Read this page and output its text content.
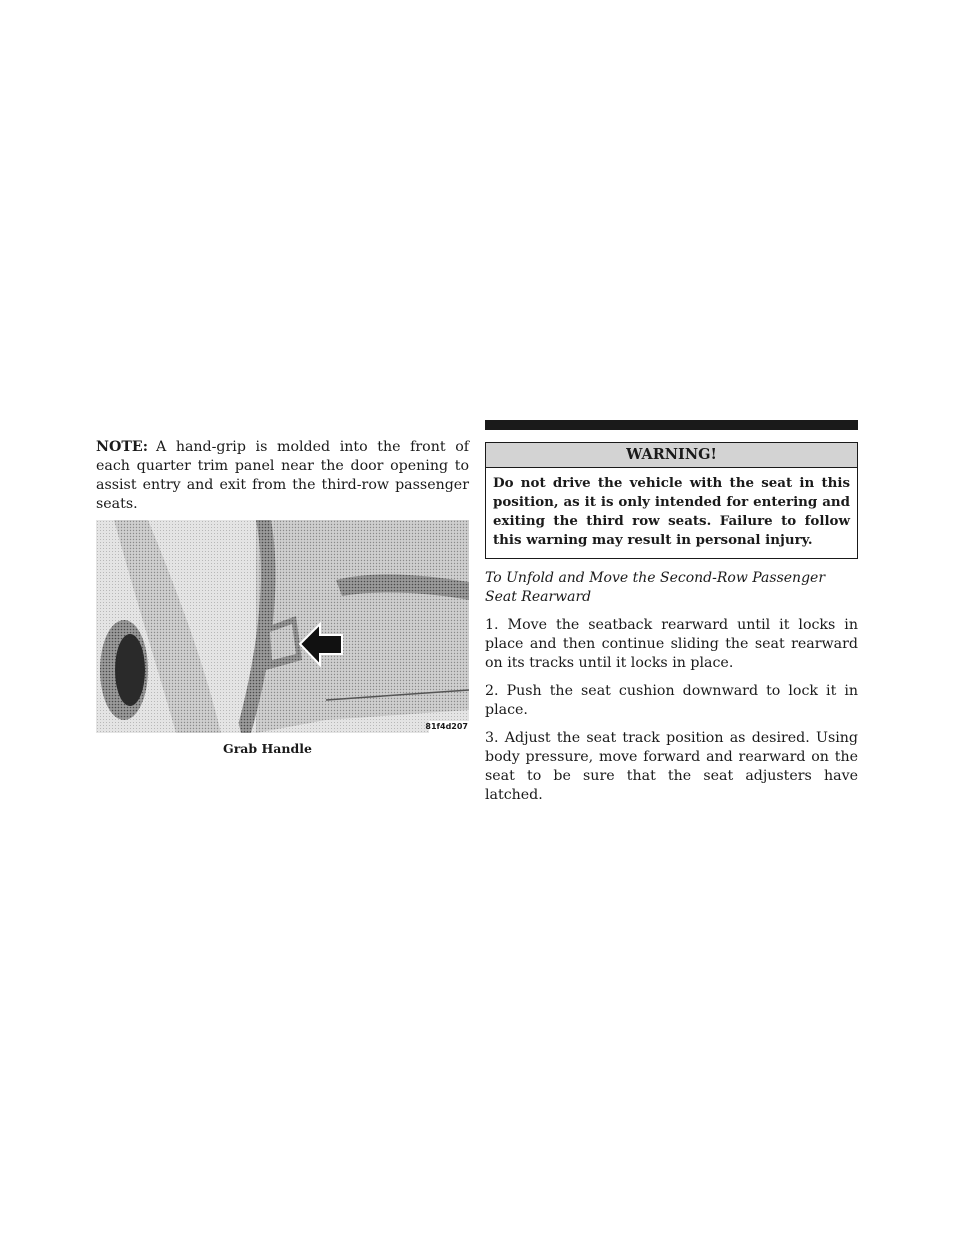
NOTE: A hand-grip is molded into the front of each quarter trim panel near the door opening to assist entry and exit from the third-row passenger seats.

81f4d207
Grab Handle
WARNING!

Do not drive the vehicle with the seat in this position, as it is only intended for entering and exiting the third row seats. Failure to follow this warning may result in personal injury.

To Unfold and Move the Second-Row Passenger Seat Rearward

1. Move the seatback rearward until it locks in place and then continue sliding the seat rearward on its tracks until it locks in place.

2. Push the seat cushion downward to lock it in place.

3. Adjust the seat track position as desired. Using body pressure, move forward and rearward on the seat to be sure that the seat adjusters have latched.
